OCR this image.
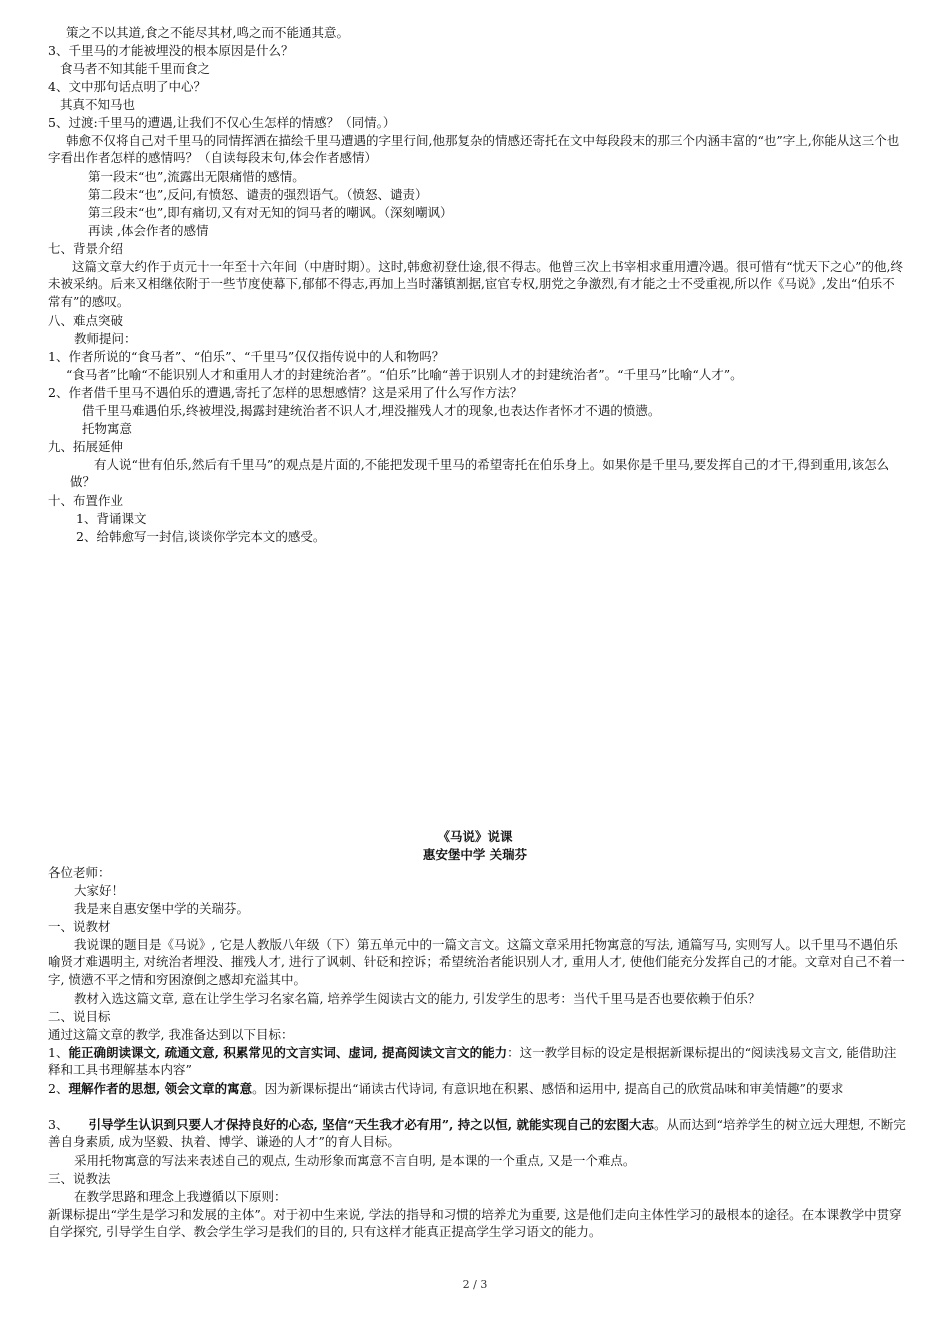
策之不以其道,食之不能尽其材,鸣之而不能通其意。
3、千里马的才能被埋没的根本原因是什么？
食马者不知其能千里而食之
4、文中那句话点明了中心？
其真不知马也
5、过渡:千里马的遭遇,让我们不仅心生怎样的情感？（同情。）
韩愈不仅将自己对千里马的同情挥洒在描绘千里马遭遇的字里行间,他那复杂的情感还寄托在文中每段段末的那三个内涵丰富的“也”字上,你能从这三个也字看出作者怎样的感情吗？（自读每段末句,体会作者感情）
第一段末“也”,流露出无限痛惜的感情。
第二段末“也”,反问,有愤怒、谴责的强烈语气。（愤怒、谴责）
第三段末“也”,即有痛切,又有对无知的饲马者的嘲讽。（深刻嘲讽）
再读 ,体会作者的感情
七、背景介绍
这篇文章大约作于贞元十一年至十六年间（中唐时期）。这时,韩愈初登仕途,很不得志。他曾三次上书宰相求重用遭冷遇。很可惜有“忧天下之心”的他,终未被采纳。后来又相继依附于一些节度使幕下,郁郁不得志,再加上当时藩镇割据,宦官专权,朋党之争激烈,有才能之士不受重视,所以作《马说》,发出“伯乐不常有”的感叹。
八、难点突破
教师提问：
1、作者所说的“食马者”、“伯乐”、“千里马”仅仅指传说中的人和物吗？
“食马者”比喻“不能识别人才和重用人才的封建统治者”。“伯乐”比喻“善于识别人才的封建统治者”。“千里马”比喻“人才”。
2、作者借千里马不遇伯乐的遭遇,寄托了怎样的思想感情？这是采用了什么写作方法？
借千里马难遇伯乐,终被埋没,揭露封建统治者不识人才,埋没摧残人才的现象,也表达作者怀才不遇的愤懑。
托物寓意
九、拓展延伸
有人说“世有伯乐,然后有千里马”的观点是片面的,不能把发现千里马的希望寄托在伯乐身上。如果你是千里马,要发挥自己的才干,得到重用,该怎么做？
十、布置作业
1、背诵课文
2、给韩愈写一封信,谈谈你学完本文的感受。
《马说》说课
惠安堡中学 关瑞芬
各位老师：
大家好！
我是来自惠安堡中学的关瑞芬。
一、说教材
我说课的题目是《马说》, 它是人教版八年级（下）第五单元中的一篇文言文。这篇文章采用托物寓意的写法, 通篇写马, 实则写人。以千里马不遇伯乐喻贤才难遇明主, 对统治者埋没、摧残人才, 进行了讽刺、针砭和控诉；希望统治者能识别人才, 重用人才, 使他们能充分发挥自己的才能。文章对自己不着一字, 愤懑不平之情和穷困潦倒之感却充溢其中。
教材入选这篇文章, 意在让学生学习名家名篇, 培养学生阅读古文的能力, 引发学生的思考：当代千里马是否也要依赖于伯乐？
二、说目标
通过这篇文章的教学, 我准备达到以下目标：
1、能正确朗读课文, 疏通文意, 积累常见的文言实词、虚词, 提高阅读文言文的能力：这一教学目标的设定是根据新课标提出的“阅读浅易文言文, 能借助注释和工具书理解基本内容”
2、理解作者的思想, 领会文章的寓意。因为新课标提出“诵读古代诗词, 有意识地在积累、感悟和运用中, 提高自己的欣赏品味和审美情趣”的要求
3、 引导学生认识到只要人才保持良好的心态, 坚信“天生我才必有用”, 持之以恒, 就能实现自己的宏图大志。从而达到“培养学生的树立远大理想, 不断完善自身素质, 成为坚毅、执着、博学、谦逊的人才”的育人目标。
采用托物寓意的写法来表述自己的观点, 生动形象而寓意不言自明, 是本课的一个重点, 又是一个难点。
三、说教法
在教学思路和理念上我遵循以下原则：
新课标提出“学生是学习和发展的主体”。对于初中生来说, 学法的指导和习惯的培养尤为重要, 这是他们走向主体性学习的最根本的途径。在本课教学中贯穿自学探究, 引导学生自学、教会学生学习是我们的目的, 只有这样才能真正提高学生学习语文的能力。
2 / 3
